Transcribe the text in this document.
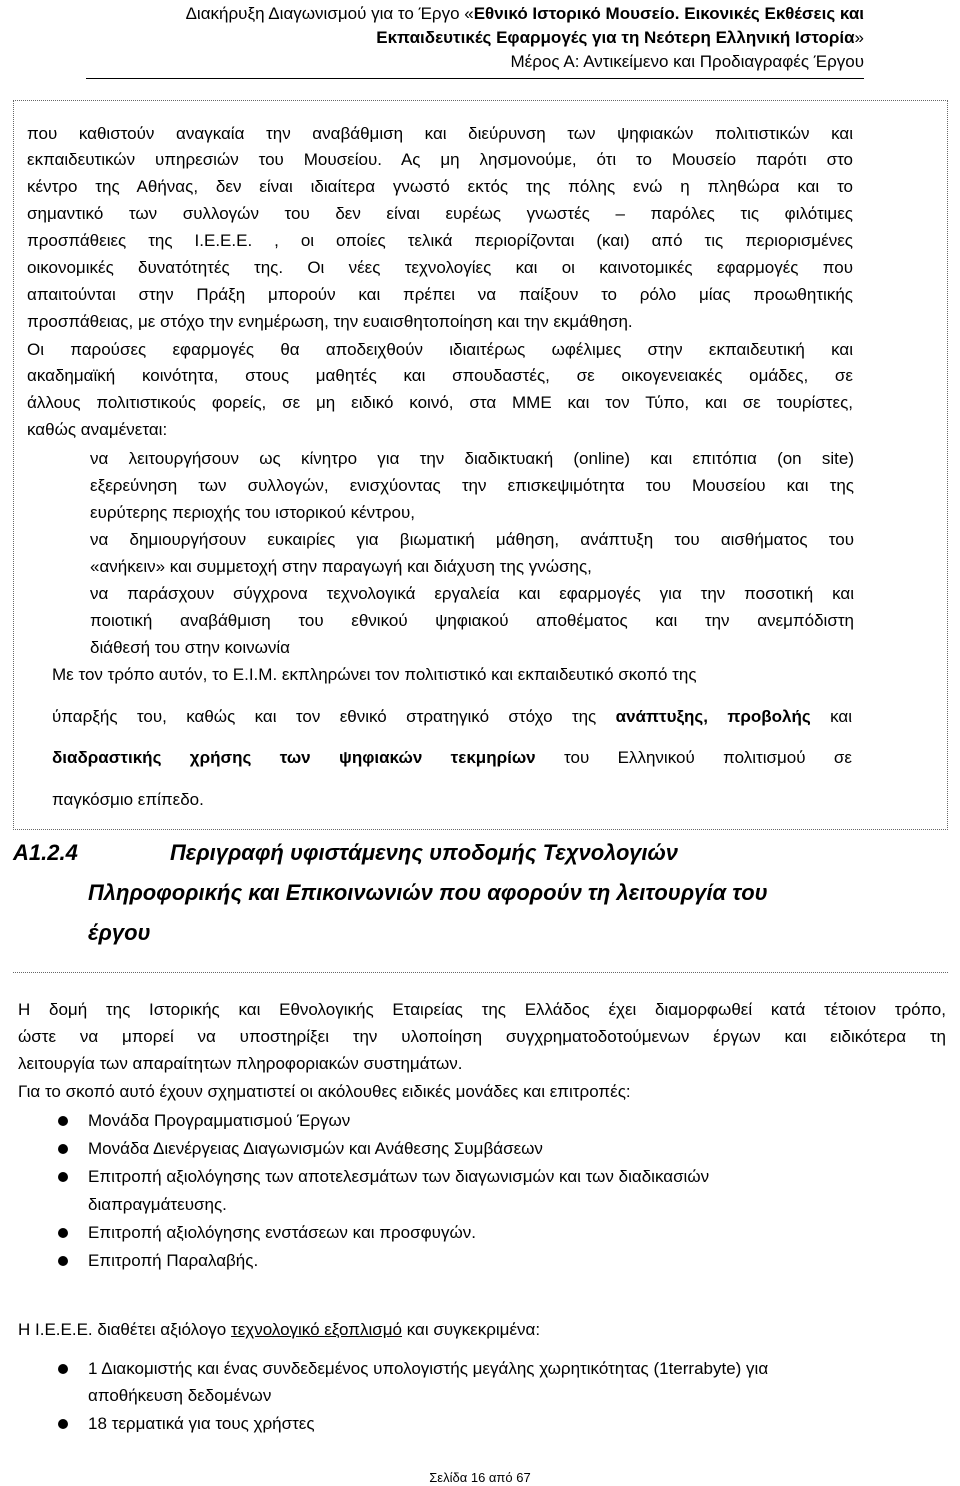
Διακήρυξη Διαγωνισμού για το Έργο «Εθνικό Ιστορικό Μουσείο. Εικονικές Εκθέσεις και
Εκπαιδευτικές Εφαρμογές για τη Νεότερη Ελληνική Ιστορία»
Μέρος Α: Αντικείμενο και Προδιαγραφές Έργου
που καθιστούν αναγκαία την αναβάθμιση και διεύρυνση των ψηφιακών πολιτιστικών και
εκπαιδευτικών υπηρεσιών του Μουσείου. Ας μη λησμονούμε, ότι το Μουσείο παρότι στο
κέντρο της Αθήνας, δεν είναι ιδιαίτερα γνωστό εκτός της πόλης ενώ η πληθώρα και το
σημαντικό των συλλογών του δεν είναι ευρέως γνωστές – παρόλες τις φιλότιμες
προσπάθειες της Ι.Ε.Ε.Ε. , οι οποίες τελικά περιορίζονται (και) από τις περιορισμένες
οικονομικές δυνατότητές της. Οι νέες τεχνολογίες και οι καινοτομικές εφαρμογές που
απαιτούνται στην Πράξη μπορούν και πρέπει να παίξουν το ρόλο μίας προωθητικής
προσπάθειας, με στόχο την ενημέρωση, την ευαισθητοποίηση και την εκμάθηση.
Οι παρούσες εφαρμογές θα αποδειχθούν ιδιαιτέρως ωφέλιμες στην εκπαιδευτική και
ακαδημαϊκή κοινότητα, στους μαθητές και σπουδαστές, σε οικογενειακές ομάδες, σε
άλλους πολιτιστικούς φορείς, σε μη ειδικό κοινό, στα ΜΜΕ και τον Τύπο, και σε τουρίστες,
καθώς αναμένεται:
να λειτουργήσουν ως κίνητρο για την διαδικτυακή (online) και επιτόπια (on site)
εξερεύνηση των συλλογών, ενισχύοντας την επισκεψιμότητα του Μουσείου και της
ευρύτερης περιοχής του ιστορικού κέντρου,
να δημιουργήσουν ευκαιρίες για βιωματική μάθηση, ανάπτυξη του αισθήματος του
«ανήκειν» και συμμετοχή στην παραγωγή και διάχυση της γνώσης,
να παράσχουν σύγχρονα τεχνολογικά εργαλεία και εφαρμογές για την ποσοτική και
ποιοτική αναβάθμιση του εθνικού ψηφιακού αποθέματος και την ανεμπόδιστη
διάθεσή του στην κοινωνία
Με τον τρόπο αυτόν, το Ε.Ι.Μ. εκπληρώνει τον πολιτιστικό και εκπαιδευτικό σκοπό της
ύπαρξής του, καθώς και τον εθνικό στρατηγικό στόχο της ανάπτυξης, προβολής και
διαδραστικής χρήσης των ψηφιακών τεκμηρίων του Ελληνικού πολιτισμού σε
παγκόσμιο επίπεδο.
Α1.2.4	Περιγραφή υφιστάμενης υποδομής Τεχνολογιών
Πληροφορικής και Επικοινωνιών που αφορούν τη λειτουργία του
έργου
Η δομή της Ιστορικής και Εθνολογικής Εταιρείας της Ελλάδος έχει διαμορφωθεί κατά τέτοιον τρόπο,
ώστε να μπορεί να υποστηρίξει την υλοποίηση συγχρηματοδοτούμενων έργων και ειδικότερα τη
λειτουργία των απαραίτητων πληροφοριακών συστημάτων.
Για το σκοπό αυτό έχουν σχηματιστεί οι ακόλουθες ειδικές μονάδες και επιτροπές:
Μονάδα Προγραμματισμού Έργων
Μονάδα Διενέργειας Διαγωνισμών και Ανάθεσης Συμβάσεων
Επιτροπή αξιολόγησης των αποτελεσμάτων των διαγωνισμών και των διαδικασιών
διαπραγμάτευσης.
Επιτροπή αξιολόγησης ενστάσεων και προσφυγών.
Επιτροπή Παραλαβής.
Η Ι.Ε.Ε.Ε. διαθέτει αξιόλογο τεχνολογικό εξοπλισμό και συγκεκριμένα:
1 Διακομιστής και ένας συνδεδεμένος υπολογιστής μεγάλης χωρητικότητας (1terrabyte) για
αποθήκευση δεδομένων
18 τερματικά για τους χρήστες
Σελίδα 16 από 67
